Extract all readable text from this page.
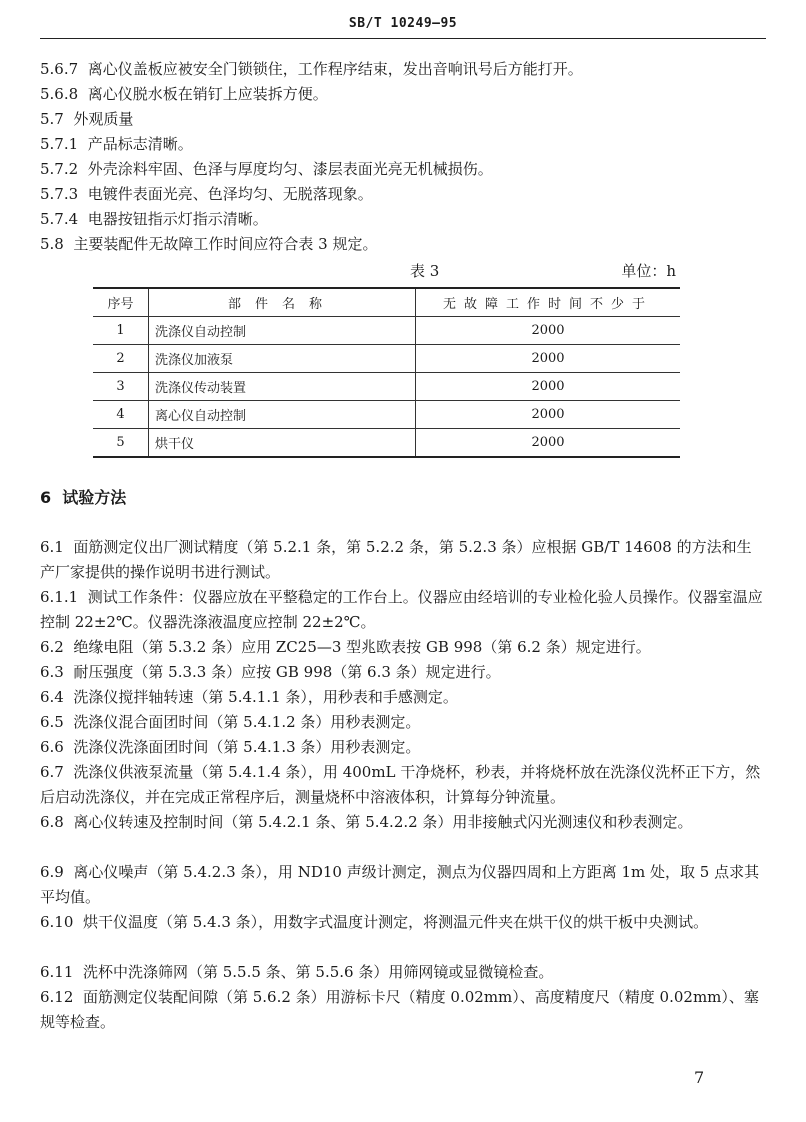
SB/T 10249—95
5.6.7 离心仪盖板应被安全门锁锁住，工作程序结束，发出音响讯号后方能打开。
5.6.8 离心仪脱水板在销钉上应装拆方便。
5.7 外观质量
5.7.1 产品标志清晰。
5.7.2 外壳涂料牢固、色泽与厚度均匀、漆层表面光亮无机械损伤。
5.7.3 电镀件表面光亮、色泽均匀、无脱落现象。
5.7.4 电器按钮指示灯指示清晰。
5.8 主要装配件无故障工作时间应符合表 3 规定。
表 3	单位：h
序号	部件名称	无故障工作时间不少于
1	洗涤仪自动控制	2000
2	洗涤仪加液泵	2000
3	洗涤仪传动装置	2000
4	离心仪自动控制	2000
5	烘干仪	2000
6 试验方法
6.1 面筋测定仪出厂测试精度（第 5.2.1 条，第 5.2.2 条，第 5.2.3 条）应根据 GB/T 14608 的方法和生产厂家提供的操作说明书进行测试。
6.1.1 测试工作条件：仪器应放在平整稳定的工作台上。仪器应由经培训的专业检化验人员操作。仪器室温应控制 22±2℃。仪器洗涤液温度应控制 22±2℃。
6.2 绝缘电阻（第 5.3.2 条）应用 ZC25—3 型兆欧表按 GB 998（第 6.2 条）规定进行。
6.3 耐压强度（第 5.3.3 条）应按 GB 998（第 6.3 条）规定进行。
6.4 洗涤仪搅拌轴转速（第 5.4.1.1 条），用秒表和手感测定。
6.5 洗涤仪混合面团时间（第 5.4.1.2 条）用秒表测定。
6.6 洗涤仪洗涤面团时间（第 5.4.1.3 条）用秒表测定。
6.7 洗涤仪供液泵流量（第 5.4.1.4 条），用 400mL 干净烧杯，秒表，并将烧杯放在洗涤仪洗杯正下方，然后启动洗涤仪，并在完成正常程序后，测量烧杯中溶液体积，计算每分钟流量。
6.8 离心仪转速及控制时间（第 5.4.2.1 条、第 5.4.2.2 条）用非接触式闪光测速仪和秒表测定。
6.9 离心仪噪声（第 5.4.2.3 条），用 ND10 声级计测定，测点为仪器四周和上方距离 1m 处，取 5 点求其平均值。
6.10 烘干仪温度（第 5.4.3 条），用数字式温度计测定，将测温元件夹在烘干仪的烘干板中央测试。
6.11 洗杯中洗涤筛网（第 5.5.5 条、第 5.5.6 条）用筛网镜或显微镜检查。
6.12 面筋测定仪装配间隙（第 5.6.2 条）用游标卡尺（精度 0.02mm）、高度精度尺（精度 0.02mm）、塞规等检查。
7
